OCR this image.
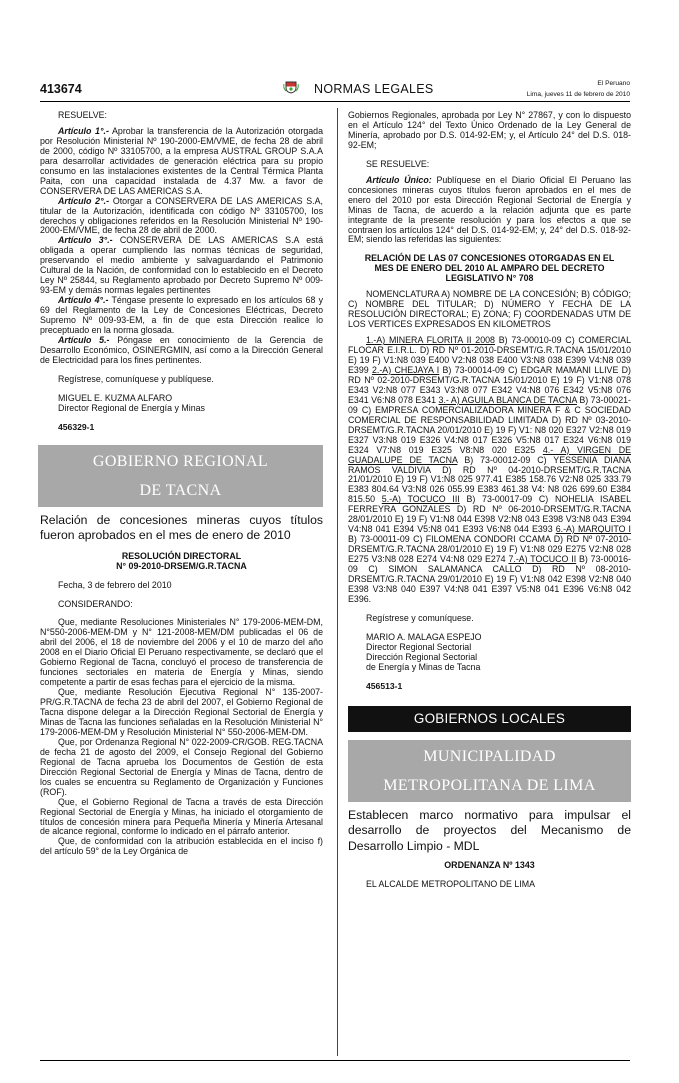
413674	NORMAS LEGALES	El Peruano
Lima, jueves 11 de febrero de 2010

RESUELVE:

Artículo 1°.- Aprobar la transferencia de la Autorización otorgada por Resolución Ministerial Nº 190-2000-EM/VME, de fecha 28 de abril de 2000, código Nº 33105700, a la empresa AUSTRAL GROUP S.A.A para desarrollar actividades de generación eléctrica para su propio consumo en las instalaciones existentes de la Central Térmica Planta Paita, con una capacidad instalada de 4.37 Mw. a favor de CONSERVERA DE LAS AMERICAS S.A.

Artículo 2°.- Otorgar a CONSERVERA DE LAS AMERICAS S.A, titular de la Autorización, identificada con código Nº 33105700, los derechos y obligaciones referidos en la Resolución Ministerial Nº 190-2000-EM/VME, de fecha 28 de abril de 2000.

Artículo 3°.- CONSERVERA DE LAS AMERICAS S.A está obligada a operar cumpliendo las normas técnicas de seguridad, preservando el medio ambiente y salvaguardando el Patrimonio Cultural de la Nación, de conformidad con lo establecido en el Decreto Ley Nº 25844, su Reglamento aprobado por Decreto Supremo Nº 009-93-EM y demás normas legales pertinentes

Artículo 4°.- Téngase presente lo expresado en los artículos 68 y 69 del Reglamento de la Ley de Concesiones Eléctricas, Decreto Supremo Nº 009-93-EM, a fin de que esta Dirección realice lo preceptuado en la norma glosada.

Artículo 5.- Póngase en conocimiento de la Gerencia de Desarrollo Económico, OSINERGMIN, así como a la Dirección General de Electricidad para los fines pertinentes.

Regístrese, comuníquese y publíquese.

MIGUEL E. KUZMA ALFARO

Director Regional de Energía y Minas

456329-1

GOBIERNO REGIONAL
DE TACNA

Relación de concesiones mineras cuyos títulos fueron aprobados en el mes de enero de 2010

RESOLUCIÓN DIRECTORAL

N° 09-2010-DRSEM/G.R.TACNA

Fecha, 3 de febrero del 2010

CONSIDERANDO:

Que, mediante Resoluciones Ministeriales N° 179-2006-MEM-DM, N°550-2006-MEM-DM y N° 121-2008-MEM/DM publicadas el 06 de abril del 2006, el 18 de noviembre del 2006 y el 10 de marzo del año 2008 en el Diario Oficial El Peruano respectivamente, se declaró que el Gobierno Regional de Tacna, concluyó el proceso de transferencia de funciones sectoriales en materia de Energía y Minas, siendo competente a partir de esas fechas para el ejercicio de la misma.

Que, mediante Resolución Ejecutiva Regional N° 135-2007-PR/G.R.TACNA de fecha 23 de abril del 2007, el Gobierno Regional de Tacna dispone delegar a la Dirección Regional Sectorial de Energía y Minas de Tacna las funciones señaladas en la Resolución Ministerial N° 179-2006-MEM-DM y Resolución Ministerial N° 550-2006-MEM-DM.

Que, por Ordenanza Regional N° 022-2009-CR/GOB. REG.TACNA de fecha 21 de agosto del 2009, el Consejo Regional del Gobierno Regional de Tacna aprueba los Documentos de Gestión de esta Dirección Regional Sectorial de Energía y Minas de Tacna, dentro de los cuales se encuentra su Reglamento de Organización y Funciones (ROF).

Que, el Gobierno Regional de Tacna a través de esta Dirección Regional Sectorial de Energía y Minas, ha iniciado el otorgamiento de títulos de concesión minera para Pequeña Minería y Minería Artesanal de alcance regional, conforme lo indicado en el párrafo anterior.

Que, de conformidad con la atribución establecida en el inciso f) del artículo 59° de la Ley Orgánica de

Gobiernos Regionales, aprobada por Ley N° 27867, y con lo dispuesto en el Artículo 124° del Texto Único Ordenado de la Ley General de Minería, aprobado por D.S. 014-92-EM; y, el Artículo 24° del D.S. 018-92-EM;

SE RESUELVE:

Artículo Único: Publíquese en el Diario Oficial El Peruano las concesiones mineras cuyos títulos fueron aprobados en el mes de enero del 2010 por esta Dirección Regional Sectorial de Energía y Minas de Tacna, de acuerdo a la relación adjunta que es parte integrante de la presente resolución y para los efectos a que se contraen los artículos 124° del D.S. 014-92-EM; y, 24° del D.S. 018-92-EM; siendo las referidas las siguientes:

RELACIÓN DE LAS 07 CONCESIONES OTORGADAS EN EL MES DE ENERO DEL 2010 AL AMPARO DEL DECRETO LEGISLATIVO N° 708

NOMENCLATURA A) NOMBRE DE LA CONCESIÓN; B) CÓDIGO; C) NOMBRE DEL TITULAR; D) NÚMERO Y FECHA DE LA RESOLUCIÓN DIRECTORAL; E) ZONA; F) COORDENADAS UTM DE LOS VERTICES EXPRESADOS EN KILOMETROS

1.-A) MINERA FLORITA II 2008 B) 73-00010-09 C) COMERCIAL FLOCAR E.I.R.L. D) RD Nº 01-2010-DRSEMT/G.R.TACNA 15/01/2010 E) 19 F) V1:N8 039 E400 V2:N8 038 E400 V3:N8 038 E399 V4:N8 039 E399 2.-A) CHEJAYA I B) 73-00014-09 C) EDGAR MAMANI LLIVE D) RD Nº 02-2010-DRSEMT/G.R.TACNA 15/01/2010 E) 19 F) V1:N8 078 E343 V2:N8 077 E343 V3:N8 077 E342 V4:N8 076 E342 V5:N8 076 E341 V6:N8 078 E341 3.- A) AGUILA BLANCA DE TACNA B) 73-00021-09 C) EMPRESA COMERCIALIZADORA MINERA F & C SOCIEDAD COMERCIAL DE RESPONSABILIDAD LIMITADA D) RD Nº 03-2010-DRSEMT/G.R.TACNA 20/01/2010 E) 19 F) V1: N8 020 E327 V2:N8 019 E327 V3:N8 019 E326 V4:N8 017 E326 V5:N8 017 E324 V6:N8 019 E324 V7:N8 019 E325 V8:N8 020 E325 4.- A) VIRGEN DE GUADALUPE DE TACNA B) 73-00012-09 C) YESSENIA DIANA RAMOS VALDIVIA D) RD Nº 04-2010-DRSEMT/G.R.TACNA 21/01/2010 E) 19 F) V1:N8 025 977.41 E385 158.76 V2:N8 025 333.79 E383 804.64 V3:N8 026 055.99 E383 461.38 V4: N8 026 699.60 E384 815.50 5.-A) TOCUCO III B) 73-00017-09 C) NOHELIA ISABEL FERREYRA GONZALES D) RD Nº 06-2010-DRSEMT/G.R.TACNA 28/01/2010 E) 19 F) V1:N8 044 E398 V2:N8 043 E398 V3:N8 043 E394 V4:N8 041 E394 V5:N8 041 E393 V6:N8 044 E393 6.-A) MARQUITO I B) 73-00011-09 C) FILOMENA CONDORI CCAMA D) RD Nº 07-2010-DRSEMT/G.R.TACNA 28/01/2010 E) 19 F) V1:N8 029 E275 V2:N8 028 E275 V3:N8 028 E274 V4:N8 029 E274 7.-A) TOCUCO II B) 73-00016-09 C) SIMON SALAMANCA CALLO D) RD Nº 08-2010-DRSEMT/G.R.TACNA 29/01/2010 E) 19 F) V1:N8 042 E398 V2:N8 040 E398 V3:N8 040 E397 V4:N8 041 E397 V5:N8 041 E396 V6:N8 042 E396.

Regístrese y comuníquese.

MARIO A. MALAGA ESPEJO

Director Regional Sectorial

Dirección Regional Sectorial

de Energía y Minas de Tacna

456513-1

GOBIERNOS LOCALES
MUNICIPALIDAD
METROPOLITANA DE LIMA

Establecen marco normativo para impulsar el desarrollo de proyectos del Mecanismo de Desarrollo Limpio - MDL

ORDENANZA Nº 1343

EL ALCALDE METROPOLITANO DE LIMA
